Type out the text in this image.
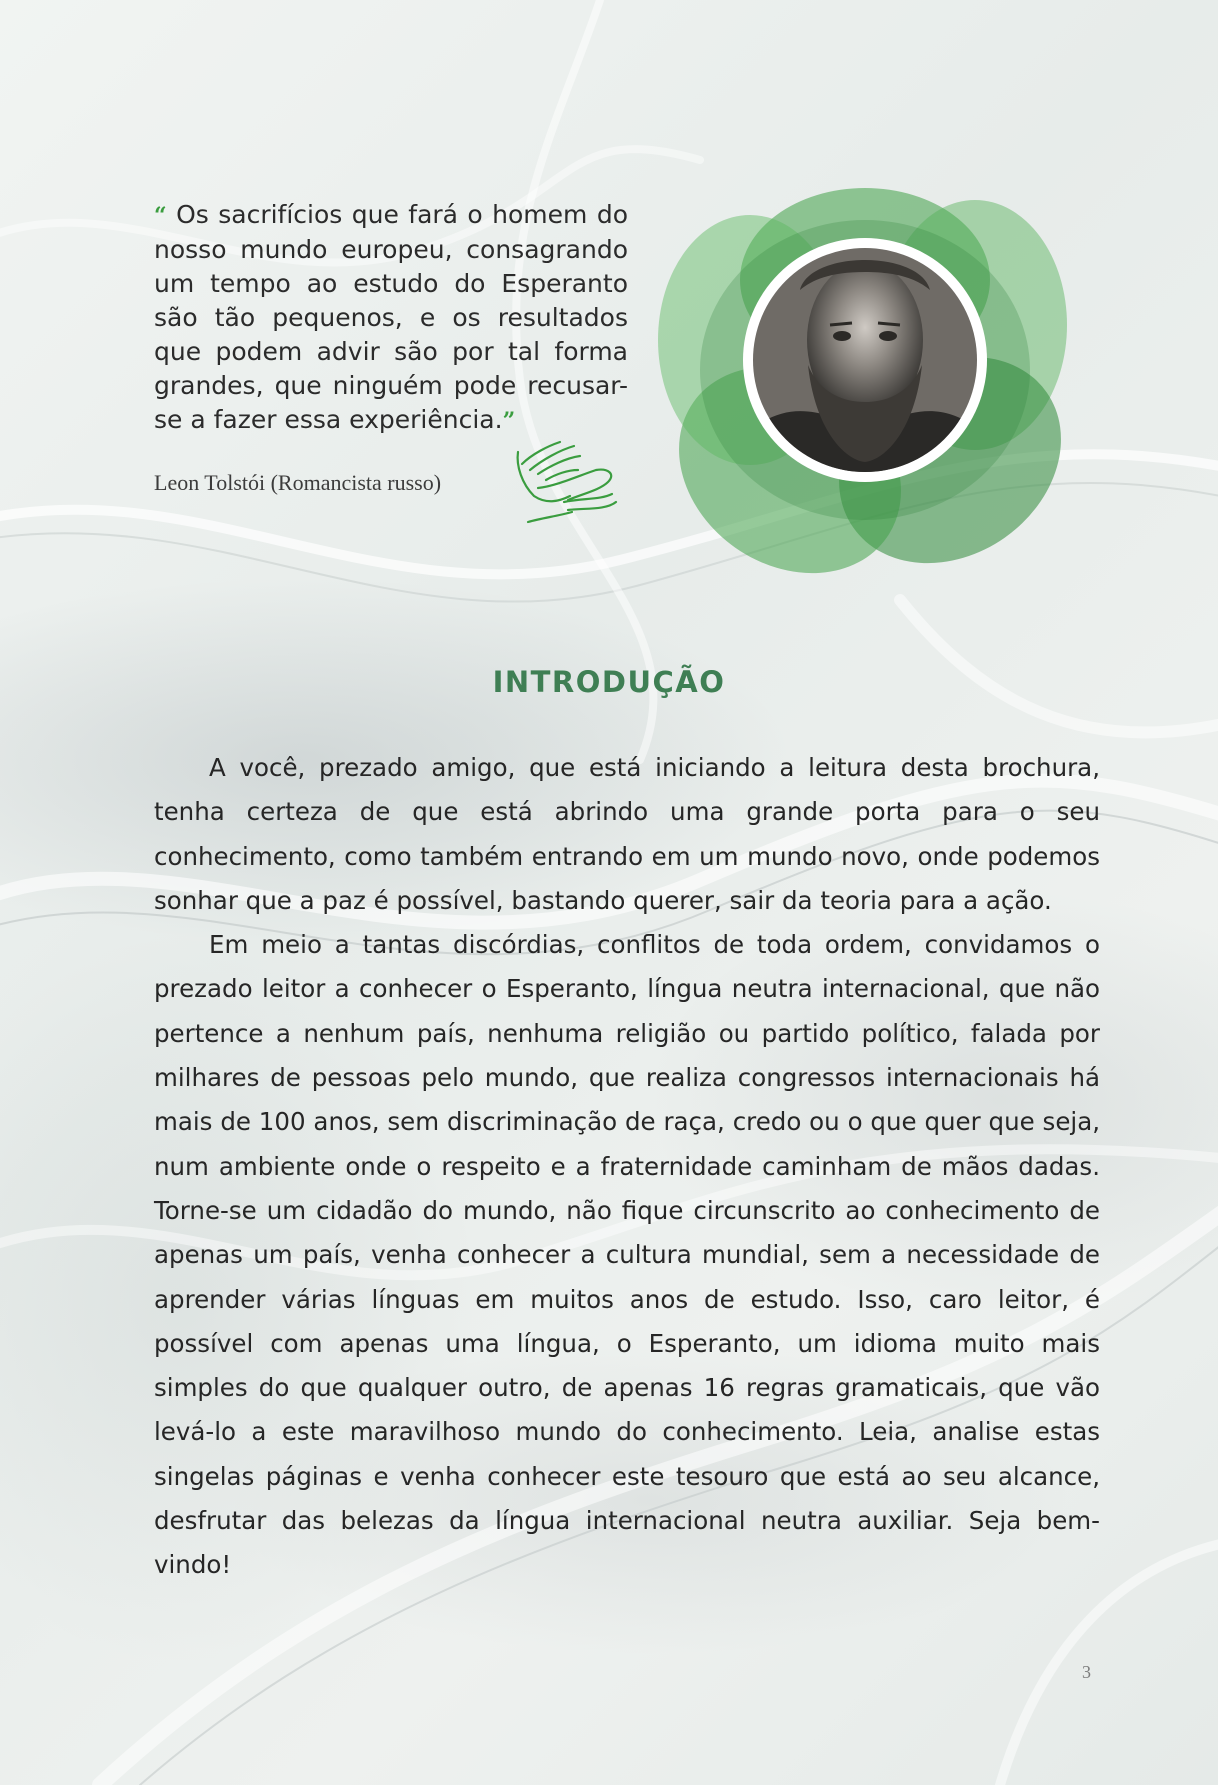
“ Os sacrifícios que fará o homem do nosso mundo europeu, consagrando um tempo ao estudo do Esperanto são tão pequenos, e os resultados que podem advir são por tal forma grandes, que ninguém pode recusar-se a fazer essa experiência.”

Leon Tolstói (Romancista russo)
INTRODUÇÃO

A você, prezado amigo, que está iniciando a leitura desta brochura, tenha certeza de que está abrindo uma grande porta para o seu conhecimento, como também entrando em um mundo novo, onde podemos sonhar que a paz é possível, bastando querer, sair da teoria para a ação.

Em meio a tantas discórdias, conflitos de toda ordem, convidamos o prezado leitor a conhecer o Esperanto, língua neutra internacional, que não pertence a nenhum país, nenhuma religião ou partido político, falada por milhares de pessoas pelo mundo, que realiza congressos internacionais há mais de 100 anos, sem discriminação de raça, credo ou o que quer que seja, num ambiente onde o respeito e a fraternidade caminham de mãos dadas. Torne-se um cidadão do mundo, não fique circunscrito ao conhecimento de apenas um país, venha conhecer a cultura mundial, sem a necessidade de aprender várias línguas em muitos anos de estudo. Isso, caro leitor, é possível com apenas uma língua, o Esperanto, um idioma muito mais simples do que qualquer outro, de apenas 16 regras gramaticais, que vão levá-lo a este maravilhoso mundo do conhecimento. Leia, analise estas singelas páginas e venha conhecer este tesouro que está ao seu alcance, desfrutar das belezas da língua internacional neutra auxiliar. Seja bem-vindo!

3
